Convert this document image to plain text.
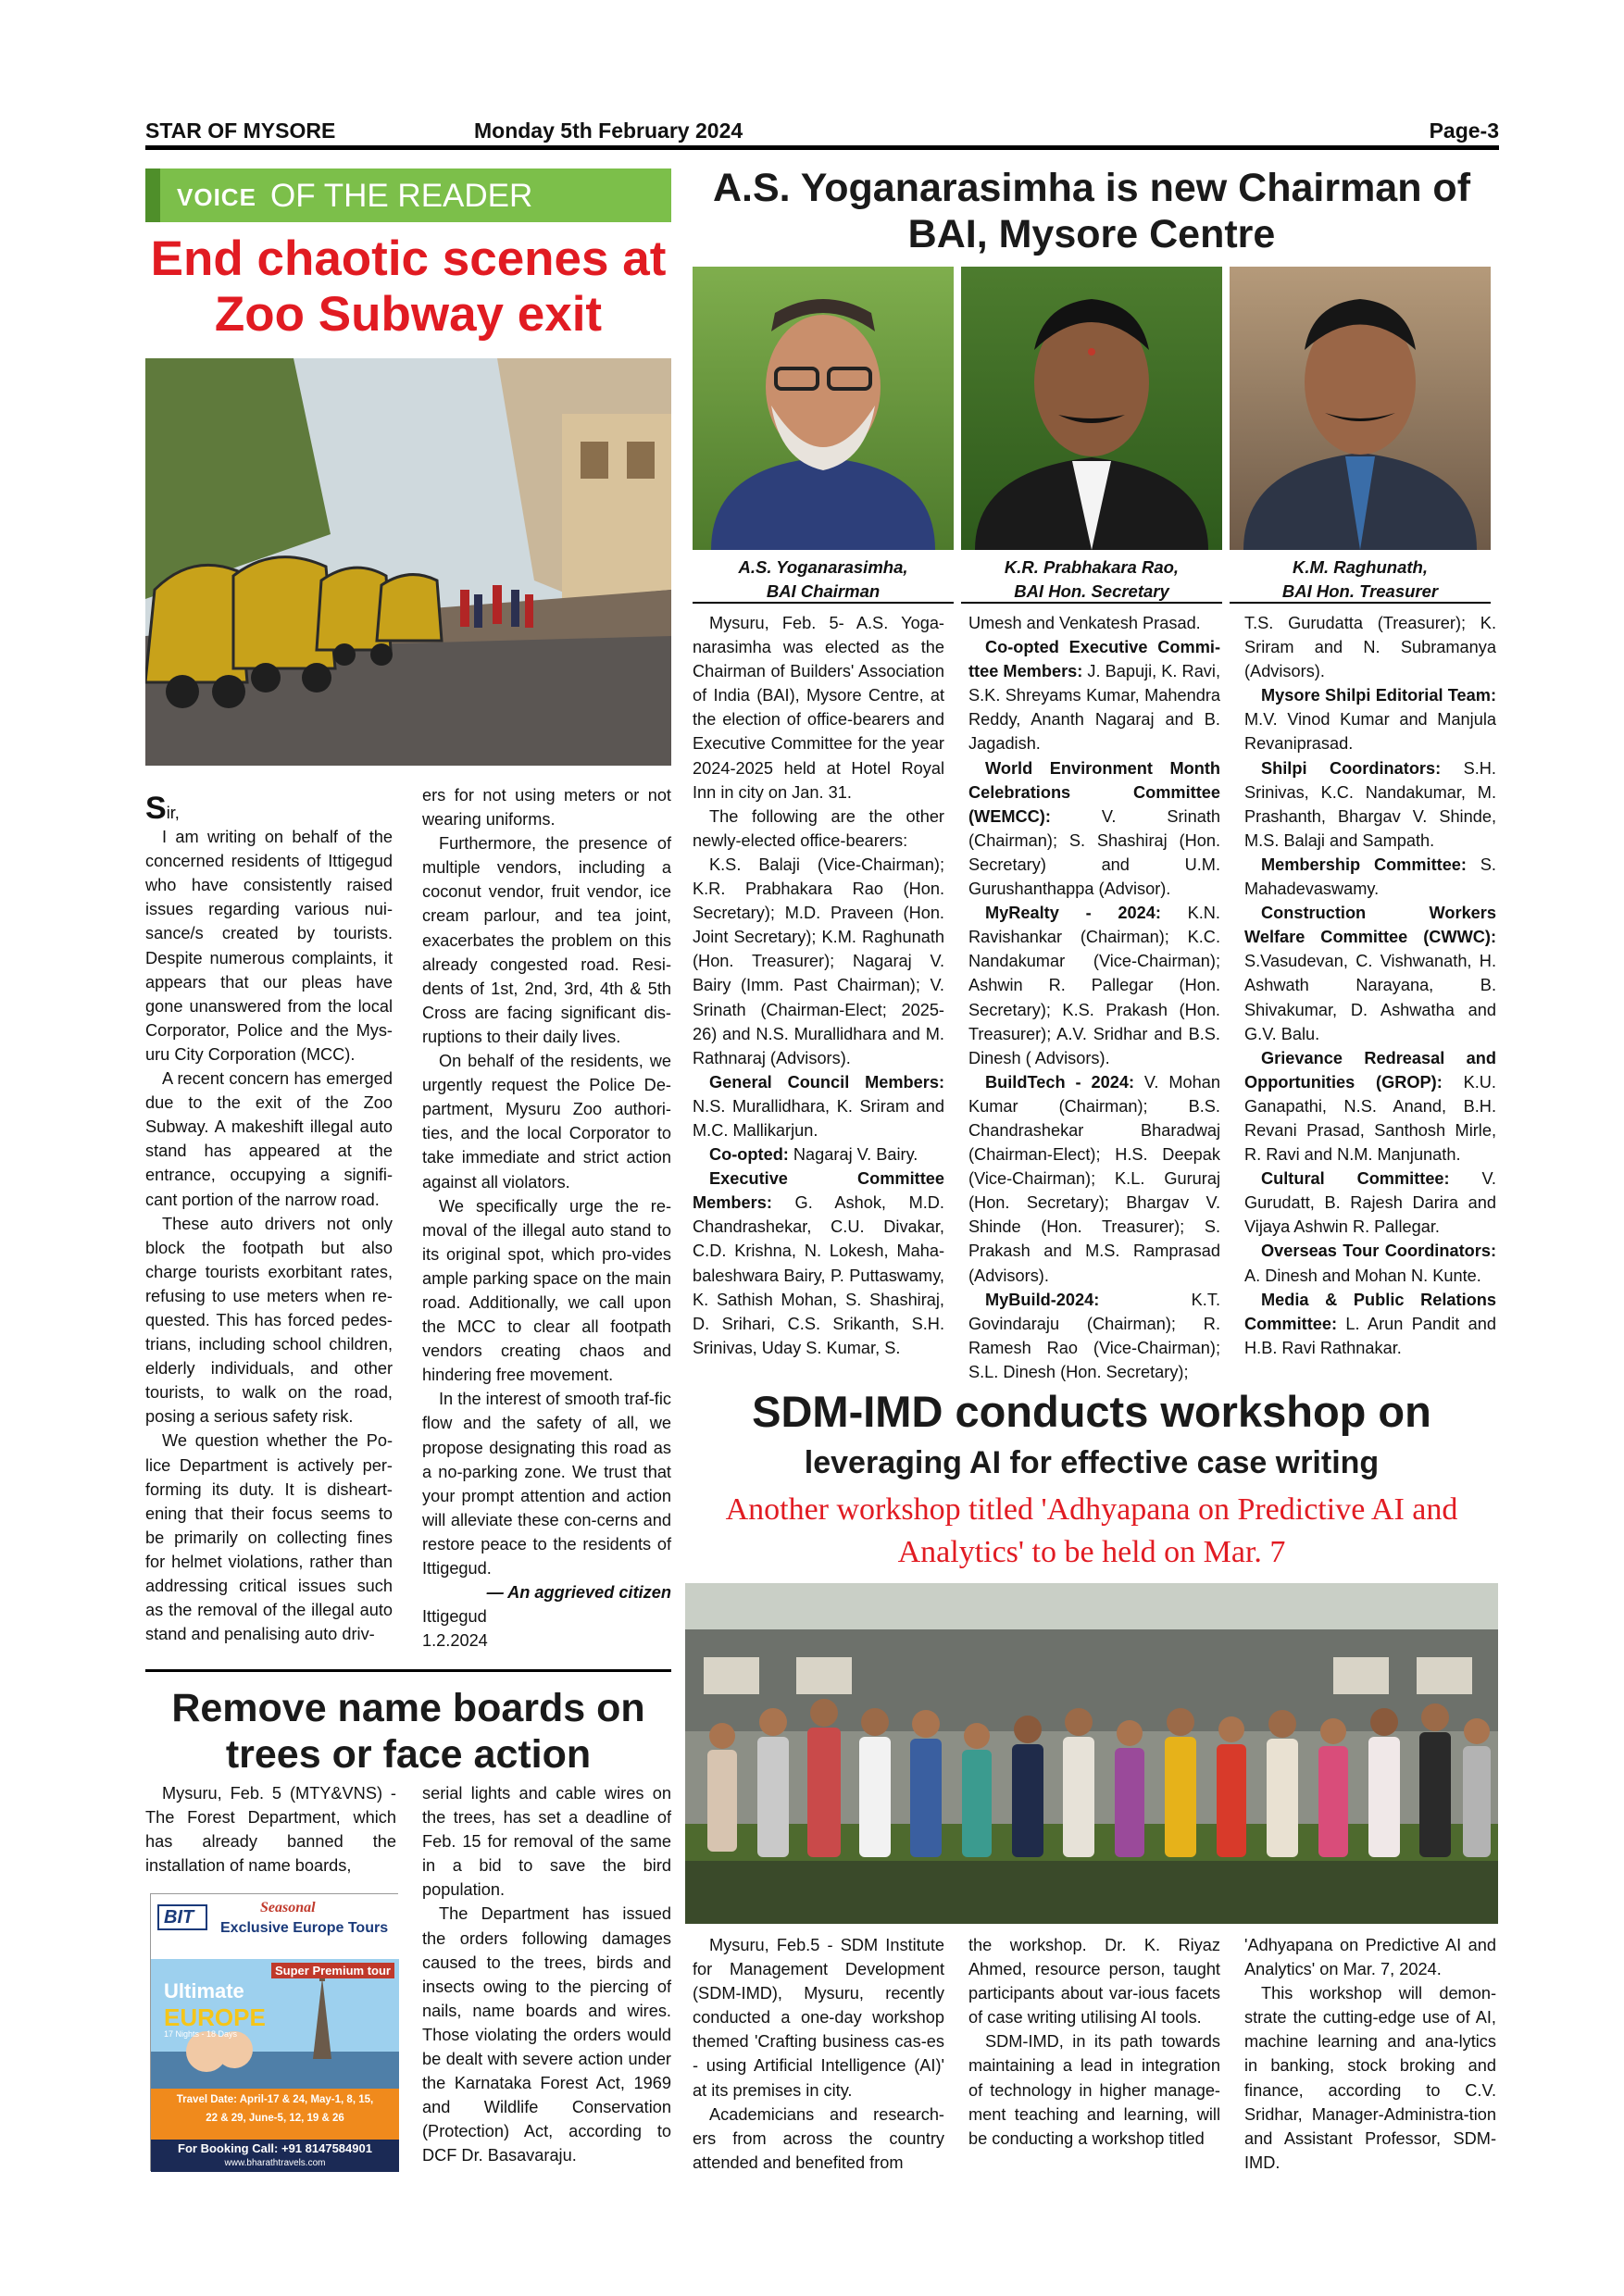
STAR OF MYSORE	Monday 5th February 2024	Page-3
VOICE OF THE READER
End chaotic scenes at Zoo Subway exit

Sir,

I am writing on behalf of the concerned residents of Ittigegud who have consistently raised issues regarding various nui-sance/s created by tourists. Despite numerous complaints, it appears that our pleas have gone unanswered from the local Corporator, Police and the Mys-uru City Corporation (MCC).

A recent concern has emerged due to the exit of the Zoo Subway. A makeshift illegal auto stand has appeared at the entrance, occupying a signifi-cant portion of the narrow road.

These auto drivers not only block the footpath but also charge tourists exorbitant rates, refusing to use meters when re-quested. This has forced pedes-trians, including school children, elderly individuals, and other tourists, to walk on the road, posing a serious safety risk.

We question whether the Po-lice Department is actively per-forming its duty. It is disheart-ening that their focus seems to be primarily on collecting fines for helmet violations, rather than addressing critical issues such as the removal of the illegal auto stand and penalising auto driv-

ers for not using meters or not wearing uniforms.

Furthermore, the presence of multiple vendors, including a coconut vendor, fruit vendor, ice cream parlour, and tea joint, exacerbates the problem on this already congested road. Resi-dents of 1st, 2nd, 3rd, 4th & 5th Cross are facing significant dis-ruptions to their daily lives.

On behalf of the residents, we urgently request the Police De-partment, Mysuru Zoo authori-ties, and the local Corporator to take immediate and strict action against all violators.

We specifically urge the re-moval of the illegal auto stand to its original spot, which pro-vides ample parking space on the main road. Additionally, we call upon the MCC to clear all footpath vendors creating chaos and hindering free movement.

In the interest of smooth traf-fic flow and the safety of all, we propose designating this road as a no-parking zone. We trust that your prompt attention and action will alleviate these con-cerns and restore peace to the residents of Ittigegud.

— An aggrieved citizen

Ittigegud

1.2.2024

Remove name boards on trees or face action

Mysuru, Feb. 5 (MTY&VNS) - The Forest Department, which has already banned the installation of name boards,

BIT	Seasonal
Exclusive Europe Tours
Super Premium tour
Ultimate
EUROPE
17 Nights - 18 Days
Travel Date: April-17 & 24, May-1, 8, 15,
22 & 29, June-5, 12, 19 & 26
For Booking Call: +91 8147584901
www.bharathtravels.com

serial lights and cable wires on the trees, has set a deadline of Feb. 15 for removal of the same in a bid to save the bird population.

The Department has issued the orders following damages caused to the trees, birds and insects owing to the piercing of nails, name boards and wires. Those violating the orders would be dealt with severe action under the Karnataka Forest Act, 1969 and Wildlife Conservation (Protection) Act, according to DCF Dr. Basavaraju.

A.S. Yoganarasimha is new Chairman of BAI, Mysore Centre
A.S. Yoganarasimha,
BAI Chairman
K.R. Prabhakara Rao,
BAI Hon. Secretary
K.M. Raghunath,
BAI Hon. Treasurer

Mysuru, Feb. 5- A.S. Yoga-narasimha was elected as the Chairman of Builders' Association of India (BAI), Mysore Centre, at the election of office-bearers and Executive Committee for the year 2024-2025 held at Hotel Royal Inn in city on Jan. 31.

The following are the other newly-elected office-bearers:

K.S. Balaji (Vice-Chairman); K.R. Prabhakara Rao (Hon. Secretary); M.D. Praveen (Hon. Joint Secretary); K.M. Raghunath (Hon. Treasurer); Nagaraj V. Bairy (Imm. Past Chairman); V. Srinath (Chairman-Elect; 2025-26) and N.S. Murallidhara and M. Rathnaraj (Advisors).

General Council Members: N.S. Murallidhara, K. Sriram and M.C. Mallikarjun.

Co-opted: Nagaraj V. Bairy.

Executive Committee Members: G. Ashok, M.D. Chandrashekar, C.U. Divakar, C.D. Krishna, N. Lokesh, Maha-baleshwara Bairy, P. Puttaswamy, K. Sathish Mohan, S. Shashiraj, D. Srihari, C.S. Srikanth, S.H. Srinivas, Uday S. Kumar, S.

Umesh and Venkatesh Prasad.

Co-opted Executive Commi-ttee Members: J. Bapuji, K. Ravi, S.K. Shreyams Kumar, Mahendra Reddy, Ananth Nagaraj and B. Jagadish.

World Environment Month Celebrations Committee (WEMCC): V. Srinath (Chairman); S. Shashiraj (Hon. Secretary) and U.M. Gurushanthappa (Advisor).

MyRealty - 2024: K.N. Ravishankar (Chairman); K.C. Nandakumar (Vice-Chairman); Ashwin R. Pallegar (Hon. Secretary); K.S. Prakash (Hon. Treasurer); A.V. Sridhar and B.S. Dinesh ( Advisors).

BuildTech - 2024: V. Mohan Kumar (Chairman); B.S. Chandrashekar Bharadwaj (Chairman-Elect); H.S. Deepak (Vice-Chairman); K.L. Gururaj (Hon. Secretary); Bhargav V. Shinde (Hon. Treasurer); S. Prakash and M.S. Ramprasad (Advisors).

MyBuild-2024: K.T. Govindaraju (Chairman); R. Ramesh Rao (Vice-Chairman); S.L. Dinesh (Hon. Secretary);

T.S. Gurudatta (Treasurer); K. Sriram and N. Subramanya (Advisors).

Mysore Shilpi Editorial Team: M.V. Vinod Kumar and Manjula Revaniprasad.

Shilpi Coordinators: S.H. Srinivas, K.C. Nandakumar, M. Prashanth, Bhargav V. Shinde, M.S. Balaji and Sampath.

Membership Committee: S. Mahadevaswamy.

Construction Workers Welfare Committee (CWWC): S.Vasudevan, C. Vishwanath, H. Ashwath Narayana, B. Shivakumar, D. Ashwatha and G.V. Balu.

Grievance Redreasal and Opportunities (GROP): K.U. Ganapathi, N.S. Anand, B.H. Revani Prasad, Santhosh Mirle, R. Ravi and N.M. Manjunath.

Cultural Committee: V. Gurudatt, B. Rajesh Darira and Vijaya Ashwin R. Pallegar.

Overseas Tour Coordinators: A. Dinesh and Mohan N. Kunte.

Media & Public Relations Committee: L. Arun Pandit and H.B. Ravi Rathnakar.

SDM-IMD conducts workshop on
leveraging AI for effective case writing
Another workshop titled 'Adhyapana on Predictive AI and Analytics' to be held on Mar. 7

Mysuru, Feb.5 - SDM Institute for Management Development (SDM-IMD), Mysuru, recently conducted a one-day workshop themed 'Crafting business cas-es - using Artificial Intelligence (AI)' at its premises in city.

Academicians and research-ers from across the country attended and benefited from

the workshop. Dr. K. Riyaz Ahmed, resource person, taught participants about var-ious facets of case writing utilising AI tools.

SDM-IMD, in its path towards maintaining a lead in integration of technology in higher manage-ment teaching and learning, will be conducting a workshop titled

'Adhyapana on Predictive AI and Analytics' on Mar. 7, 2024.

This workshop will demon-strate the cutting-edge use of AI, machine learning and ana-lytics in banking, stock broking and finance, according to C.V. Sridhar, Manager-Administra-tion and Assistant Professor, SDM-IMD.
